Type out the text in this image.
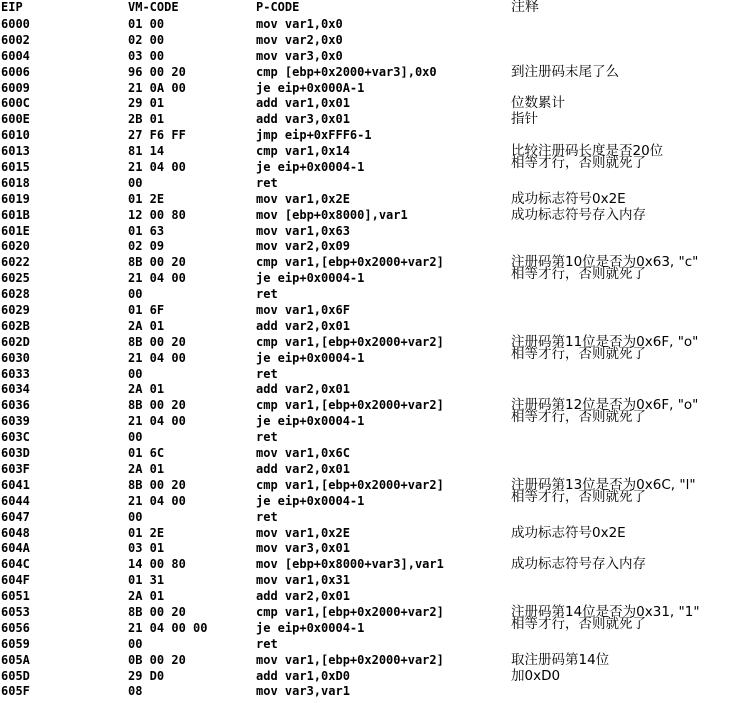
EIP	VM-CODE	P-CODE	注释
6000	01 00	mov var1,0x0
6002	02 00	mov var2,0x0
6004	03 00	mov var3,0x0
6006	96 00 20	cmp [ebp+0x2000+var3],0x0	到注册码末尾了么
6009	21 0A 00	je eip+0x000A-1
600C	29 01	add var1,0x01	位数累计
600E	2B 01	add var3,0x01	指针
6010	27 F6 FF	jmp eip+0xFFF6-1
6013	81 14	cmp var1,0x14	比较注册码长度是否20位
6015	21 04 00	je eip+0x0004-1	相等才行，否则就死了
6018	00	ret
6019	01 2E	mov var1,0x2E	成功标志符号0x2E
601B	12 00 80	mov [ebp+0x8000],var1	成功标志符号存入内存
601E	01 63	mov var1,0x63
6020	02 09	mov var2,0x09
6022	8B 00 20	cmp var1,[ebp+0x2000+var2]	注册码第10位是否为0x63, "c"
6025	21 04 00	je eip+0x0004-1	相等才行，否则就死了
6028	00	ret
6029	01 6F	mov var1,0x6F
602B	2A 01	add var2,0x01
602D	8B 00 20	cmp var1,[ebp+0x2000+var2]	注册码第11位是否为0x6F, "o"
6030	21 04 00	je eip+0x0004-1	相等才行，否则就死了
6033	00	ret
6034	2A 01	add var2,0x01
6036	8B 00 20	cmp var1,[ebp+0x2000+var2]	注册码第12位是否为0x6F, "o"
6039	21 04 00	je eip+0x0004-1	相等才行，否则就死了
603C	00	ret
603D	01 6C	mov var1,0x6C
603F	2A 01	add var2,0x01
6041	8B 00 20	cmp var1,[ebp+0x2000+var2]	注册码第13位是否为0x6C, "l"
6044	21 04 00	je eip+0x0004-1	相等才行，否则就死了
6047	00	ret
6048	01 2E	mov var1,0x2E	成功标志符号0x2E
604A	03 01	mov var3,0x01
604C	14 00 80	mov [ebp+0x8000+var3],var1	成功标志符号存入内存
604F	01 31	mov var1,0x31
6051	2A 01	add var2,0x01
6053	8B 00 20	cmp var1,[ebp+0x2000+var2]	注册码第14位是否为0x31, "1"
6056	21 04 00 00	je eip+0x0004-1	相等才行，否则就死了
6059	00	ret
605A	0B 00 20	mov var1,[ebp+0x2000+var2]	取注册码第14位
605D	29 D0	add var1,0xD0	加0xD0
605F	08	mov var3,var1
